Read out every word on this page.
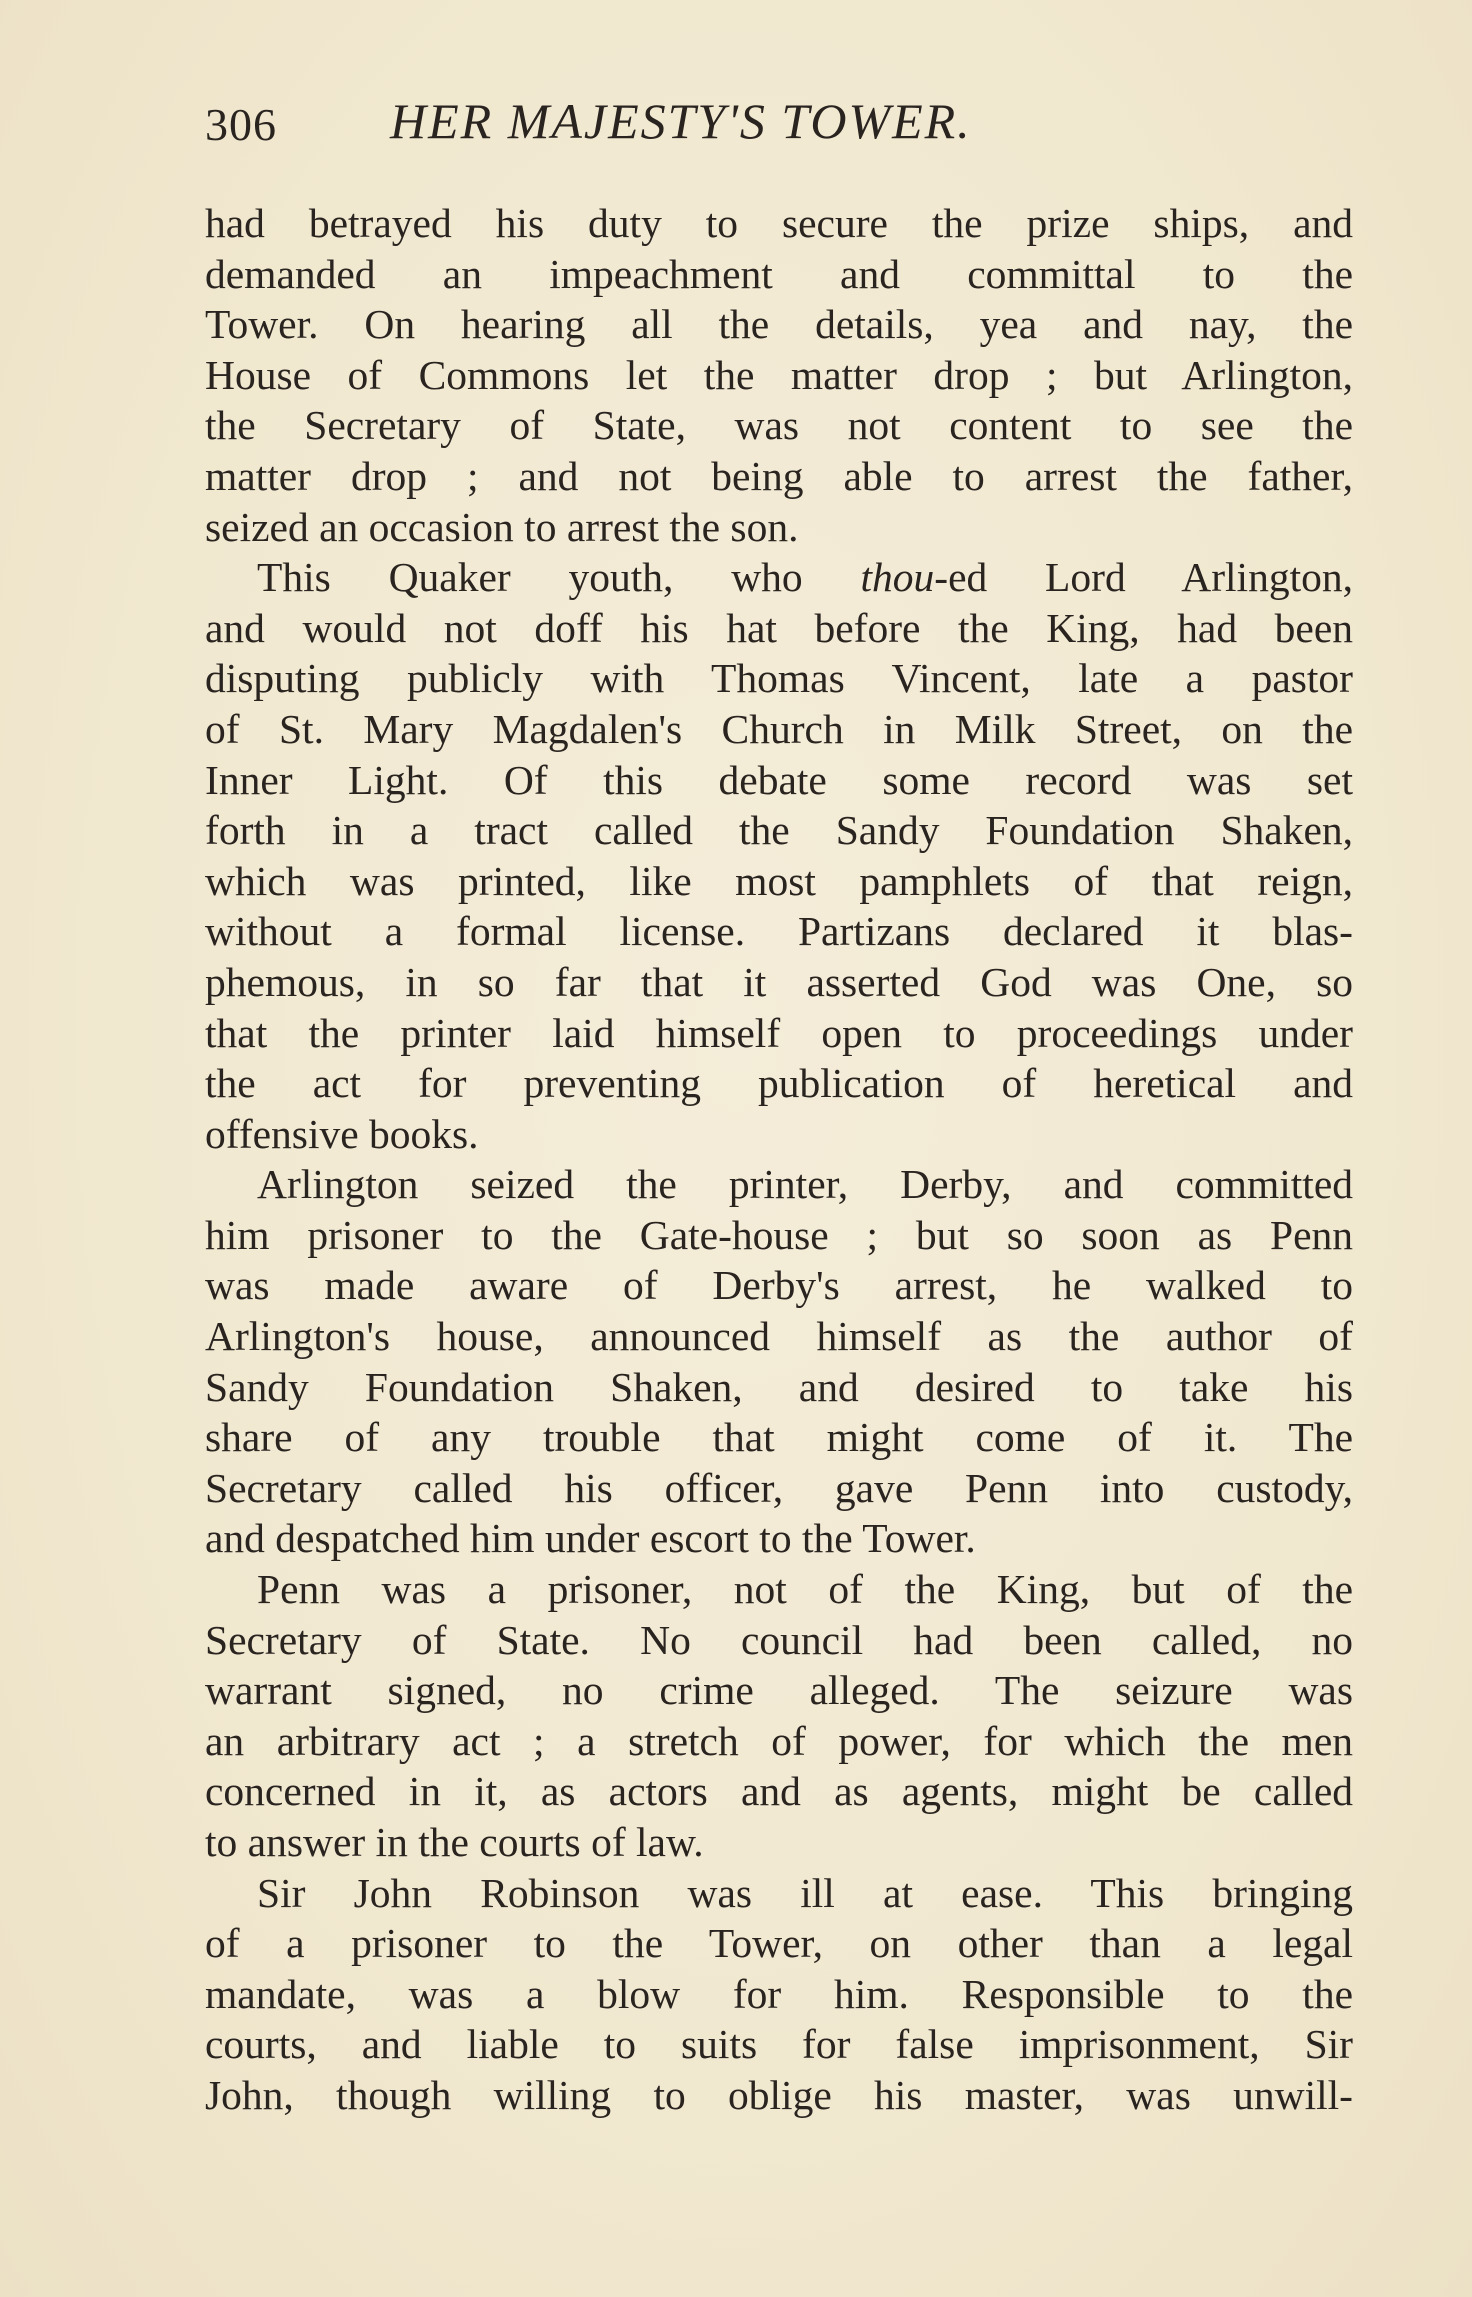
306 HER MAJESTY'S TOWER.
had betrayed his duty to secure the prize ships, and
demanded an impeachment and committal to the
Tower. On hearing all the details, yea and nay, the
House of Commons let the matter drop ; but Arlington,
the Secretary of State, was not content to see the
matter drop ; and not being able to arrest the father,
seized an occasion to arrest the son.
This Quaker youth, who thou-ed Lord Arlington,
and would not doff his hat before the King, had been
disputing publicly with Thomas Vincent, late a pastor
of St. Mary Magdalen's Church in Milk Street, on the
Inner Light. Of this debate some record was set
forth in a tract called the Sandy Foundation Shaken,
which was printed, like most pamphlets of that reign,
without a formal license. Partizans declared it blas-
phemous, in so far that it asserted God was One, so
that the printer laid himself open to proceedings under
the act for preventing publication of heretical and
offensive books.
Arlington seized the printer, Derby, and committed
him prisoner to the Gate-house ; but so soon as Penn
was made aware of Derby's arrest, he walked to
Arlington's house, announced himself as the author of
Sandy Foundation Shaken, and desired to take his
share of any trouble that might come of it. The
Secretary called his officer, gave Penn into custody,
and despatched him under escort to the Tower.
Penn was a prisoner, not of the King, but of the
Secretary of State. No council had been called, no
warrant signed, no crime alleged. The seizure was
an arbitrary act ; a stretch of power, for which the men
concerned in it, as actors and as agents, might be called
to answer in the courts of law.
Sir John Robinson was ill at ease. This bringing
of a prisoner to the Tower, on other than a legal
mandate, was a blow for him. Responsible to the
courts, and liable to suits for false imprisonment, Sir
John, though willing to oblige his master, was unwill-
